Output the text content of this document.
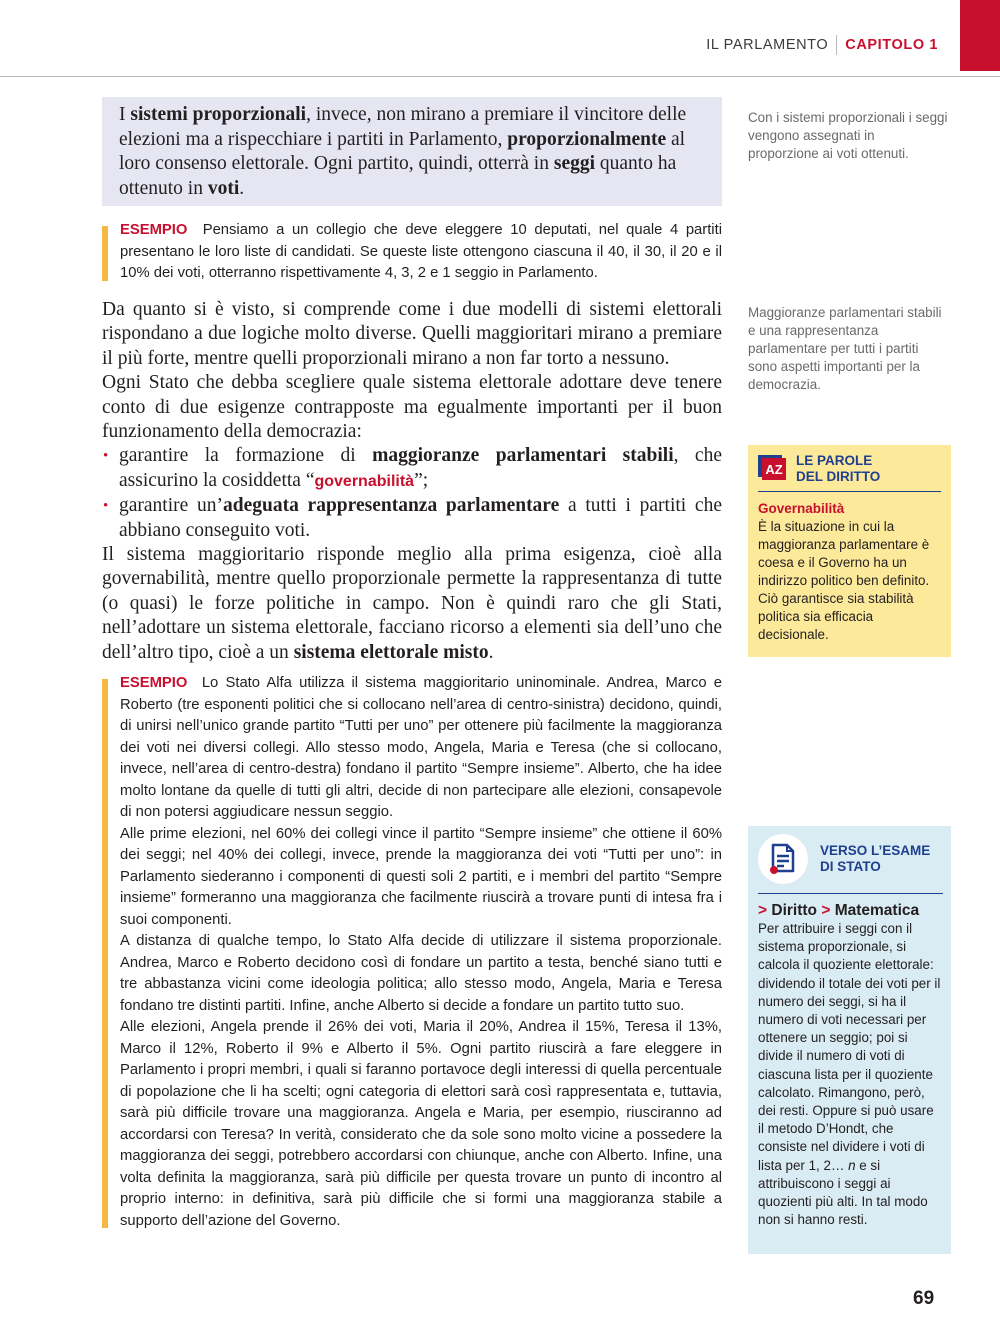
IL PARLAMENTO CAPITOLO 1
I sistemi proporzionali, invece, non mirano a premiare il vincitore delle elezioni ma a rispecchiare i partiti in Parlamento, proporzionalmente al loro consenso elettorale. Ogni partito, quindi, otterrà in seggi quanto ha ottenuto in voti.
ESEMPIO Pensiamo a un collegio che deve eleggere 10 deputati, nel quale 4 partiti presentano le loro liste di candidati. Se queste liste ottengono ciascuna il 40, il 30, il 20 e il 10% dei voti, otterranno rispettivamente 4, 3, 2 e 1 seggio in Parlamento.

Da quanto si è visto, si comprende come i due modelli di sistemi elettorali rispondano a due logiche molto diverse. Quelli maggioritari mirano a premiare il più forte, mentre quelli proporzionali mirano a non far torto a nessuno.

Ogni Stato che debba scegliere quale sistema elettorale adottare deve tenere conto di due esigenze contrapposte ma egualmente importanti per il buon funzionamento della democrazia:

• garantire la formazione di maggioranze parlamentari stabili, che assicurino la cosiddetta “governabilità”;
• garantire un’adeguata rappresentanza parlamentare a tutti i partiti che abbiano conseguito voti.

Il sistema maggioritario risponde meglio alla prima esigenza, cioè alla governabilità, mentre quello proporzionale permette la rappresentanza di tutte (o quasi) le forze politiche in campo. Non è quindi raro che gli Stati, nell’adottare un sistema elettorale, facciano ricorso a elementi sia dell’uno che dell’altro tipo, cioè a un sistema elettorale misto.

ESEMPIO Lo Stato Alfa utilizza il sistema maggioritario uninominale. Andrea, Marco e Roberto (tre esponenti politici che si collocano nell’area di centro-sinistra) decidono, quindi, di unirsi nell’unico grande partito “Tutti per uno” per ottenere più facilmente la maggioranza dei voti nei diversi collegi. Allo stesso modo, Angela, Maria e Teresa (che si collocano, invece, nell’area di centro-destra) fondano il partito “Sempre insieme”. Alberto, che ha idee molto lontane da quelle di tutti gli altri, decide di non partecipare alle elezioni, consapevole di non potersi aggiudicare nessun seggio.

Alle prime elezioni, nel 60% dei collegi vince il partito “Sempre insieme” che ottiene il 60% dei seggi; nel 40% dei collegi, invece, prende la maggioranza dei voti “Tutti per uno”: in Parlamento siederanno i componenti di questi soli 2 partiti, e i membri del partito “Sempre insieme” formeranno una maggioranza che facilmente riuscirà a trovare punti di intesa fra i suoi componenti.

A distanza di qualche tempo, lo Stato Alfa decide di utilizzare il sistema proporzionale. Andrea, Marco e Roberto decidono così di fondare un partito a testa, benché siano tutti e tre abbastanza vicini come ideologia politica; allo stesso modo, Angela, Maria e Teresa fondano tre distinti partiti. Infine, anche Alberto si decide a fondare un partito tutto suo.

Alle elezioni, Angela prende il 26% dei voti, Maria il 20%, Andrea il 15%, Teresa il 13%, Marco il 12%, Roberto il 9% e Alberto il 5%. Ogni partito riuscirà a fare eleggere in Parlamento i propri membri, i quali si faranno portavoce degli interessi di quella percentuale di popolazione che li ha scelti; ogni categoria di elettori sarà così rappresentata e, tuttavia, sarà più difficile trovare una maggioranza. Angela e Maria, per esempio, riusciranno ad accordarsi con Teresa? In verità, considerato che da sole sono molto vicine a possedere la maggioranza dei seggi, potrebbero accordarsi con chiunque, anche con Alberto. Infine, una volta definita la maggioranza, sarà più difficile per questa trovare un punto di incontro al proprio interno: in definitiva, sarà più difficile che si formi una maggioranza stabile a supporto dell’azione del Governo.

Con i sistemi proporzionali i seggi vengono assegnati in proporzione ai voti ottenuti.
Maggioranze parlamentari stabili e una rappresentanza parlamentare per tutti i partiti sono aspetti importanti per la democrazia.
AZ
LE PAROLE
DEL DIRITTO
Governabilità
È la situazione in cui la maggioranza parlamentare è coesa e il Governo ha un indirizzo politico ben definito. Ciò garantisce sia stabilità politica sia efficacia decisionale.
VERSO L’ESAME
DI STATO
> Diritto > Matematica
Per attribuire i seggi con il sistema proporzionale, si calcola il quoziente elettorale: dividendo il totale dei voti per il numero dei seggi, si ha il numero di voti necessari per ottenere un seggio; poi si divide il numero di voti di ciascuna lista per il quoziente calcolato. Rimangono, però, dei resti. Oppure si può usare il metodo D’Hondt, che consiste nel dividere i voti di lista per 1, 2… n e si attribuiscono i seggi ai quozienti più alti. In tal modo non si hanno resti.
69
